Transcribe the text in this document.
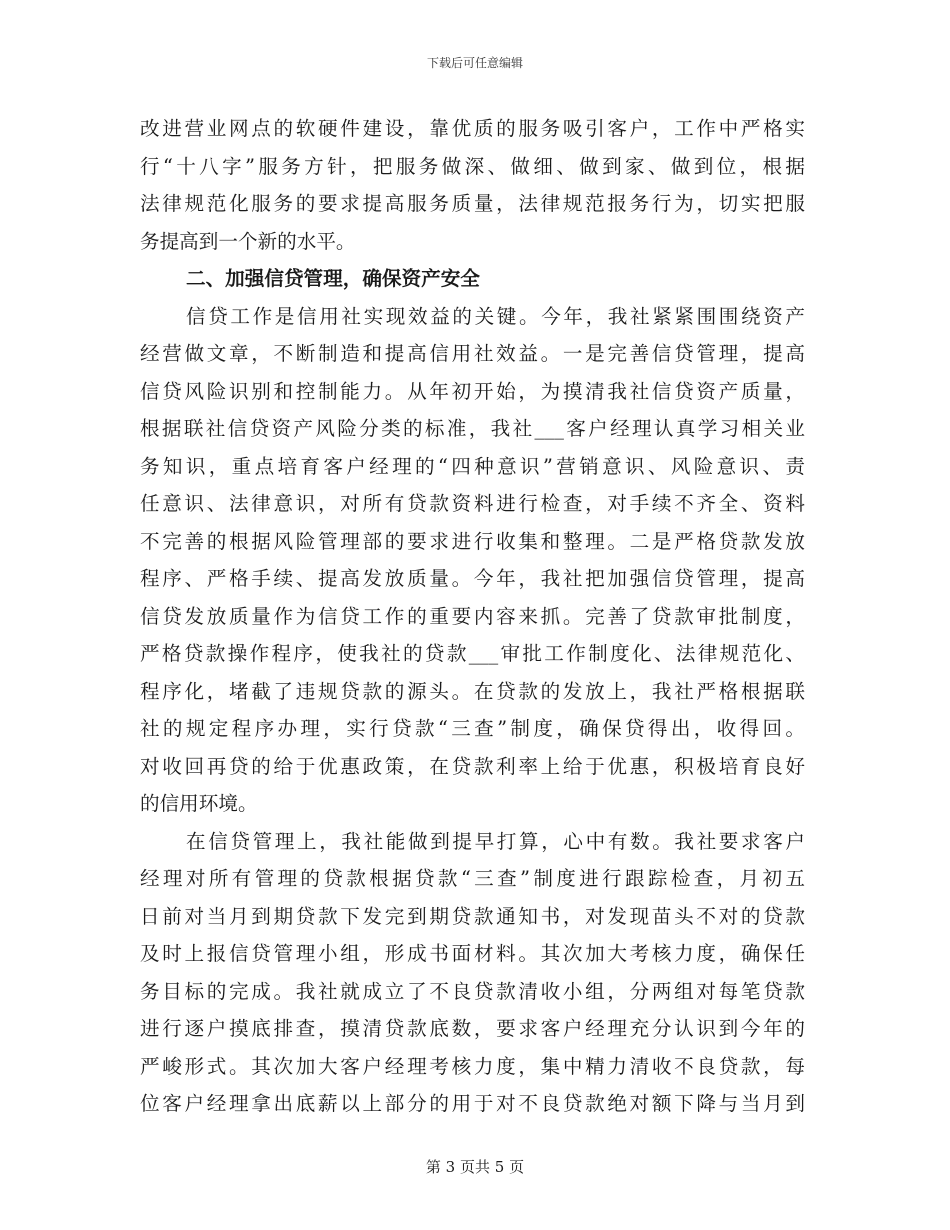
下载后可任意编辑
改进营业网点的软硬件建设，靠优质的服务吸引客户，工作中严格实
行“十八字”服务方针，把服务做深、做细、做到家、做到位，根据
法律规范化服务的要求提高服务质量，法律规范报务行为，切实把服
务提高到一个新的水平。
二、加强信贷管理，确保资产安全
信贷工作是信用社实现效益的关键。今年，我社紧紧围围绕资产
经营做文章，不断制造和提高信用社效益。一是完善信贷管理，提高
信贷风险识别和控制能力。从年初开始，为摸清我社信贷资产质量，
根据联社信贷资产风险分类的标准，我社___客户经理认真学习相关业
务知识，重点培育客户经理的“四种意识”营销意识、风险意识、责
任意识、法律意识，对所有贷款资料进行检查，对手续不齐全、资料
不完善的根据风险管理部的要求进行收集和整理。二是严格贷款发放
程序、严格手续、提高发放质量。今年，我社把加强信贷管理，提高
信贷发放质量作为信贷工作的重要内容来抓。完善了贷款审批制度，
严格贷款操作程序，使我社的贷款___审批工作制度化、法律规范化、
程序化，堵截了违规贷款的源头。在贷款的发放上，我社严格根据联
社的规定程序办理，实行贷款“三查”制度，确保贷得出，收得回。
对收回再贷的给于优惠政策，在贷款利率上给于优惠，积极培育良好
的信用环境。
在信贷管理上，我社能做到提早打算，心中有数。我社要求客户
经理对所有管理的贷款根据贷款“三查”制度进行跟踪检查，月初五
日前对当月到期贷款下发完到期贷款通知书，对发现苗头不对的贷款
及时上报信贷管理小组，形成书面材料。其次加大考核力度，确保任
务目标的完成。我社就成立了不良贷款清收小组，分两组对每笔贷款
进行逐户摸底排查，摸清贷款底数，要求客户经理充分认识到今年的
严峻形式。其次加大客户经理考核力度，集中精力清收不良贷款，每
位客户经理拿出底薪以上部分的用于对不良贷款绝对额下降与当月到
第 3 页共 5 页
